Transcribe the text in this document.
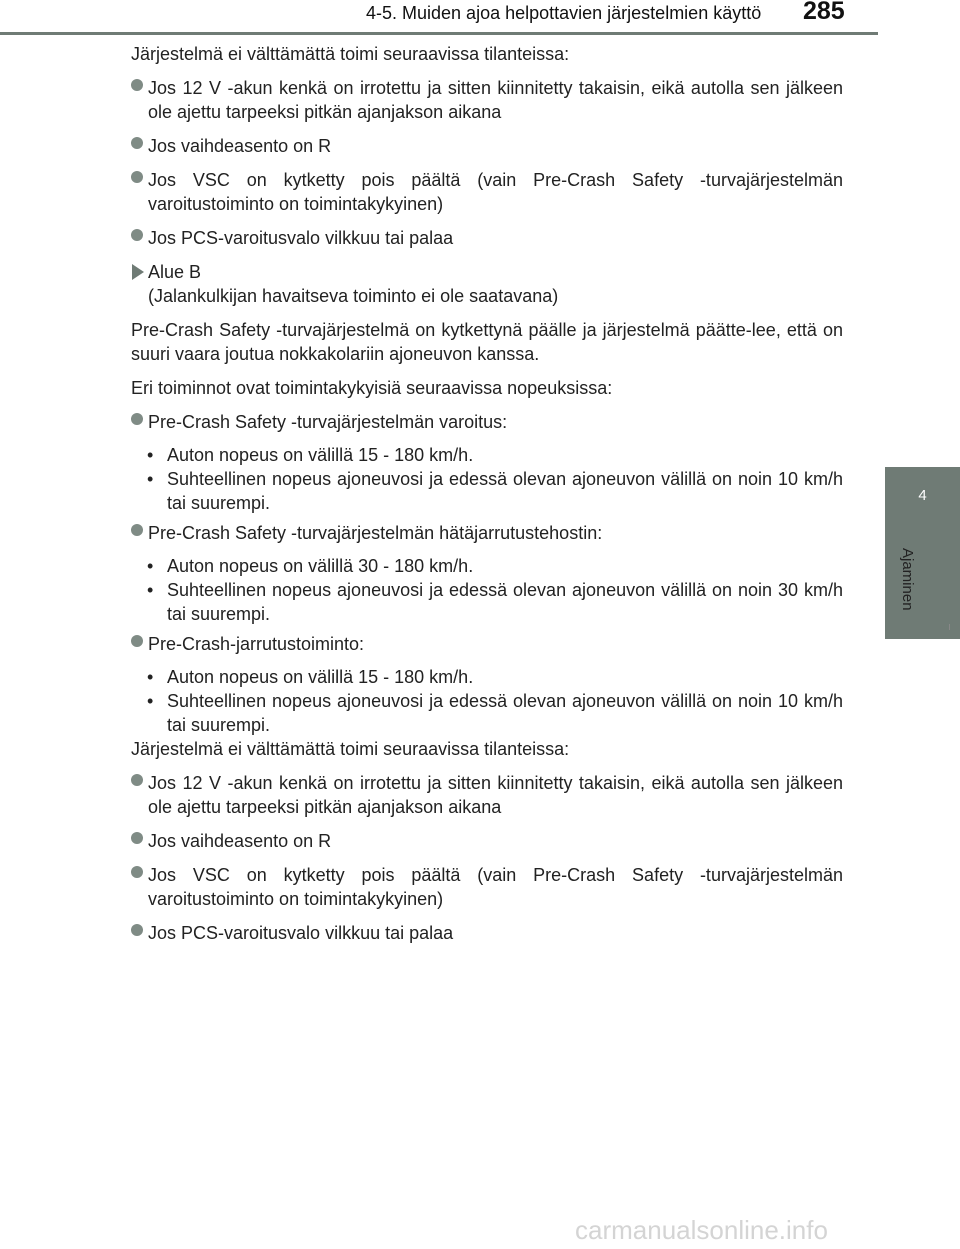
4-5. Muiden ajoa helpottavien järjestelmien käyttö 285
4
Ajaminen

Järjestelmä ei välttämättä toimi seuraavissa tilanteissa:

Jos 12 V -akun kenkä on irrotettu ja sitten kiinnitetty takaisin, eikä autolla sen jälkeen ole ajettu tarpeeksi pitkän ajanjakson aikana
Jos vaihdeasento on R
Jos VSC on kytketty pois päältä (vain Pre-Crash Safety -turvajärjestelmän varoitustoiminto on toimintakykyinen)
Jos PCS-varoitusvalo vilkkuu tai palaa
Alue B
(Jalankulkijan havaitseva toiminto ei ole saatavana)

Pre-Crash Safety -turvajärjestelmä on kytkettynä päälle ja järjestelmä päätte-lee, että on suuri vaara joutua nokkakolariin ajoneuvon kanssa.

Eri toiminnot ovat toimintakykyisiä seuraavissa nopeuksissa:

Pre-Crash Safety -turvajärjestelmän varoitus:
• Auton nopeus on välillä 15 - 180 km/h.
• Suhteellinen nopeus ajoneuvosi ja edessä olevan ajoneuvon välillä on noin 10 km/h tai suurempi.
Pre-Crash Safety -turvajärjestelmän hätäjarrutustehostin:
• Auton nopeus on välillä 30 - 180 km/h.
• Suhteellinen nopeus ajoneuvosi ja edessä olevan ajoneuvon välillä on noin 30 km/h tai suurempi.
Pre-Crash-jarrutustoiminto:
• Auton nopeus on välillä 15 - 180 km/h.
• Suhteellinen nopeus ajoneuvosi ja edessä olevan ajoneuvon välillä on noin 10 km/h tai suurempi.

Järjestelmä ei välttämättä toimi seuraavissa tilanteissa:

Jos 12 V -akun kenkä on irrotettu ja sitten kiinnitetty takaisin, eikä autolla sen jälkeen ole ajettu tarpeeksi pitkän ajanjakson aikana
Jos vaihdeasento on R
Jos VSC on kytketty pois päältä (vain Pre-Crash Safety -turvajärjestelmän varoitustoiminto on toimintakykyinen)
Jos PCS-varoitusvalo vilkkuu tai palaa
carmanualsonline.info
